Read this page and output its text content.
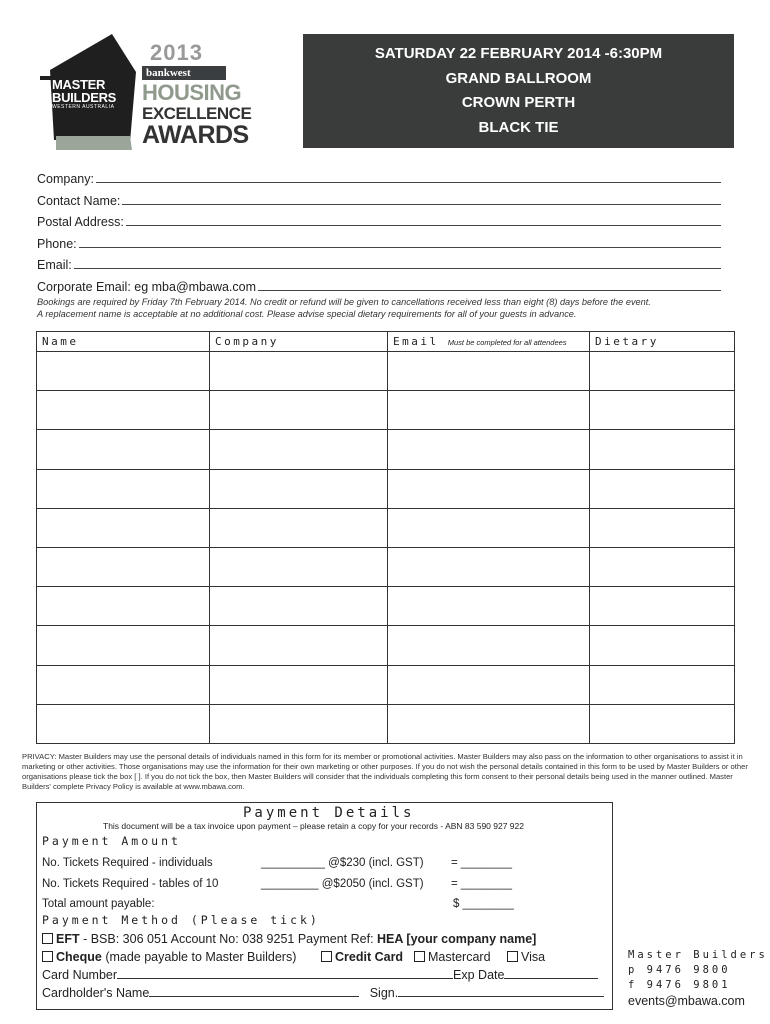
MASTER
BUILDERS
WESTERN AUSTRALIA
2013
bankwest
HOUSING
EXCELLENCE
AWARDS
SATURDAY 22 FEBRUARY 2014 -6:30PM
GRAND BALLROOM
CROWN PERTH
BLACK TIE
Company:
Contact Name:
Postal Address:
Phone:
Email:
Corporate Email: eg mba@mbawa.com
Bookings are required by Friday 7th February 2014. No credit or refund will be given to cancellations received less than eight (8) days before the event.
A replacement name is acceptable at no additional cost. Please advise special dietary requirements for all of your guests in advance.
Name	Company	Email Must be completed for all attendees	Dietary

PRIVACY: Master Builders may use the personal details of individuals named in this form for its member or promotional activities. Master Builders may also pass on the information to other organisations to assist it in marketing or other activities. Those organisations may use the information for their own marketing or other purposes. If you do not wish the personal details contained in this form to be used by Master Builders or other organisations please tick the box [ ]. If you do not tick the box, then Master Builders will consider that the individuals completing this form consent to their personal details being used in the manner outlined. Master Builders' complete Privacy Policy is available at www.mbawa.com.
Payment Details
This document will be a tax invoice upon payment – please retain a copy for your records - ABN 83 590 927 922
Payment Amount
No. Tickets Required - individuals	__________ @$230 (incl. GST) = ________
No. Tickets Required - tables of 10	_________ @$2050 (incl. GST) = ________
Total amount payable:	$ ________
Payment Method (Please tick)
EFT - BSB: 306 051 Account No: 038 9251 Payment Ref: HEA [your company name]
Cheque (made payable to Master Builders)	Credit Card	Mastercard	Visa
Card Number	Exp Date
Cardholder's Name	Sign.
Master Builders
p 9476 9800
f 9476 9801
events@mbawa.com
